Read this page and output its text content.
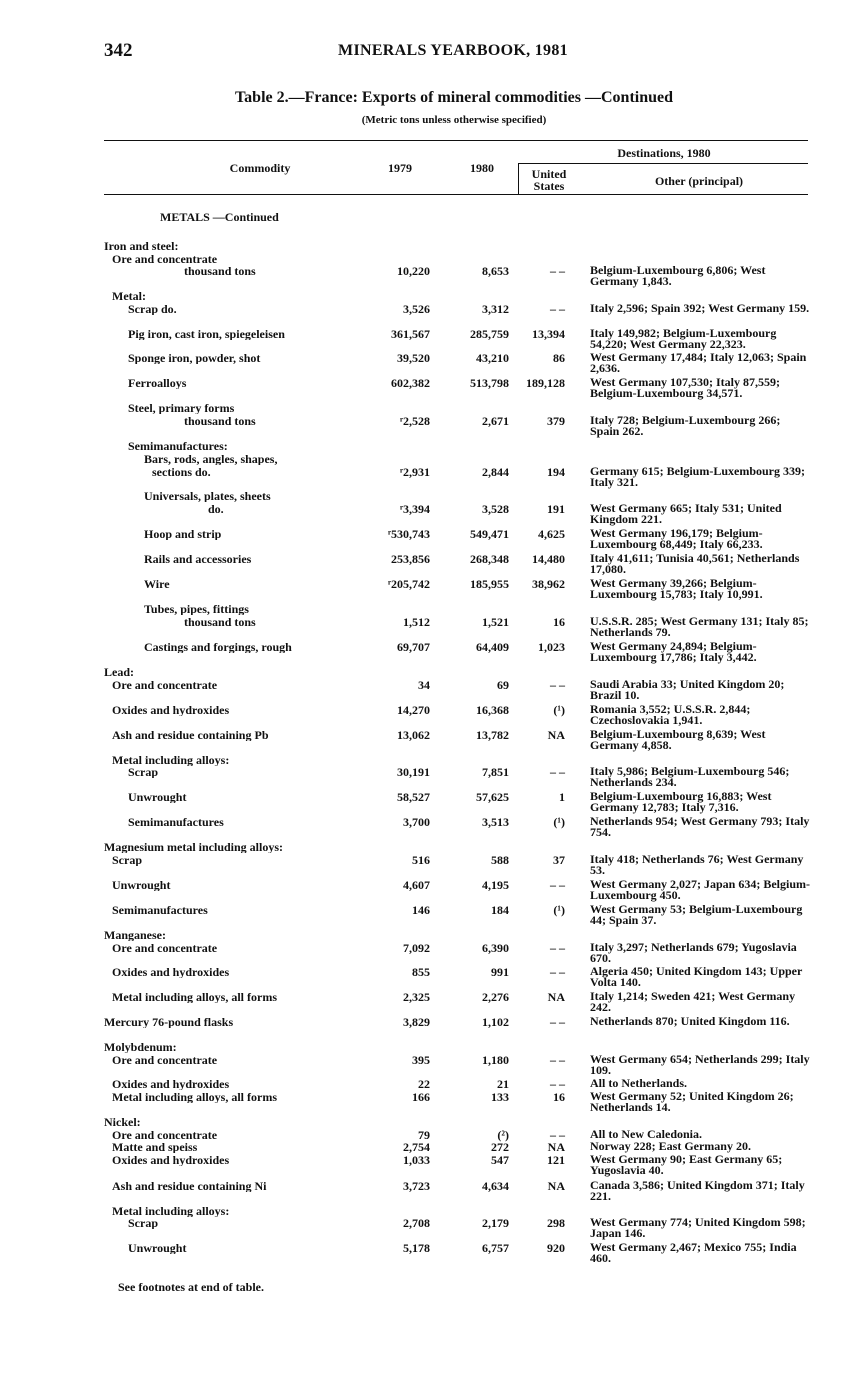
342	MINERALS YEARBOOK, 1981
Table 2.—France: Exports of mineral commodities —Continued
(Metric tons unless otherwise specified)
Commodity	1979	1980
Destinations, 1980
United States	Other (principal)
METALS —Continued
Iron and steel:
Ore and concentrate
thousand tons	10,220	8,653	– – Belgium-Luxembourg 6,806; West Germany 1,843.
Metal:
Scrap do.	3,526	3,312	– – Italy 2,596; Spain 392; West Germany 159.
Pig iron, cast iron, spiegeleisen	361,567	285,759	13,394 Italy 149,982; Belgium-Luxembourg 54,220; West Germany 22,323.
Sponge iron, powder, shot	39,520	43,210	86 West Germany 17,484; Italy 12,063; Spain 2,636.
Ferroalloys	602,382	513,798	189,128 West Germany 107,530; Italy 87,559; Belgium-Luxembourg 34,571.
Steel, primary forms
thousand tons	ʳ2,528	2,671	379 Italy 728; Belgium-Luxembourg 266; Spain 262.
Semimanufactures:
Bars, rods, angles, shapes,
sections do.	ʳ2,931	2,844	194 Germany 615; Belgium-Luxembourg 339; Italy 321.
Universals, plates, sheets
do.	ʳ3,394	3,528	191 West Germany 665; Italy 531; United Kingdom 221.
Hoop and strip	ʳ530,743	549,471	4,625 West Germany 196,179; Belgium-Luxembourg 68,449; Italy 66,233.
Rails and accessories	253,856	268,348	14,480 Italy 41,611; Tunisia 40,561; Netherlands 17,080.
Wire	ʳ205,742	185,955	38,962 West Germany 39,266; Belgium-Luxembourg 15,783; Italy 10,991.
Tubes, pipes, fittings
thousand tons	1,512	1,521	16 U.S.S.R. 285; West Germany 131; Italy 85; Netherlands 79.
Castings and forgings, rough	69,707	64,409	1,023 West Germany 24,894; Belgium-Luxembourg 17,786; Italy 3,442.
Lead:
Ore and concentrate	34	69	– – Saudi Arabia 33; United Kingdom 20; Brazil 10.
Oxides and hydroxides	14,270	16,368	(¹) Romania 3,552; U.S.S.R. 2,844; Czechoslovakia 1,941.
Ash and residue containing Pb	13,062	13,782	NA Belgium-Luxembourg 8,639; West Germany 4,858.
Metal including alloys:
Scrap	30,191	7,851	– – Italy 5,986; Belgium-Luxembourg 546; Netherlands 234.
Unwrought	58,527	57,625	1 Belgium-Luxembourg 16,883; West Germany 12,783; Italy 7,316.
Semimanufactures	3,700	3,513	(¹) Netherlands 954; West Germany 793; Italy 754.
Magnesium metal including alloys:
Scrap	516	588	37 Italy 418; Netherlands 76; West Germany 53.
Unwrought	4,607	4,195	– – West Germany 2,027; Japan 634; Belgium-Luxembourg 450.
Semimanufactures	146	184	(¹) West Germany 53; Belgium-Luxembourg 44; Spain 37.
Manganese:
Ore and concentrate	7,092	6,390	– – Italy 3,297; Netherlands 679; Yugoslavia 670.
Oxides and hydroxides	855	991	– – Algeria 450; United Kingdom 143; Upper Volta 140.
Metal including alloys, all forms	2,325	2,276	NA Italy 1,214; Sweden 421; West Germany 242.
Mercury 76-pound flasks	3,829	1,102	– – Netherlands 870; United Kingdom 116.
Molybdenum:
Ore and concentrate	395	1,180	– – West Germany 654; Netherlands 299; Italy 109.
Oxides and hydroxides	22	21	– – All to Netherlands.
Metal including alloys, all forms	166	133	16 West Germany 52; United Kingdom 26; Netherlands 14.
Nickel:
Ore and concentrate	79	(²)	– – All to New Caledonia.
Matte and speiss	2,754	272	NA Norway 228; East Germany 20.
Oxides and hydroxides	1,033	547	121 West Germany 90; East Germany 65; Yugoslavia 40.
Ash and residue containing Ni	3,723	4,634	NA Canada 3,586; United Kingdom 371; Italy 221.
Metal including alloys:
Scrap	2,708	2,179	298 West Germany 774; United Kingdom 598; Japan 146.
Unwrought	5,178	6,757	920 West Germany 2,467; Mexico 755; India 460.
See footnotes at end of table.
